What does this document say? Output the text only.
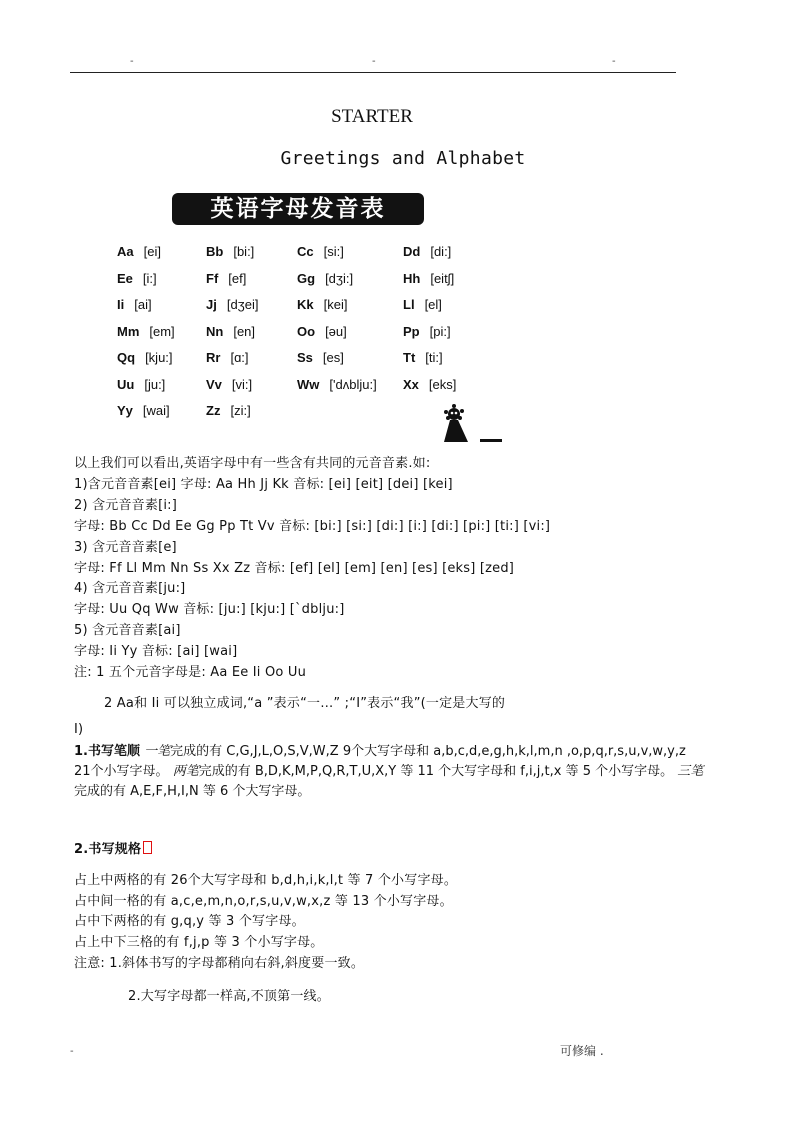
-	-	-
STARTER
Greetings and Alphabet
英语字母发音表
Aa [ei]	Bb [bi:]	Cc [si:]	Dd [di:]
Ee [i:]	Ff [ef]	Gg [dʒi:]	Hh [eitʃ]
Ii [ai]	Jj [dʒei]	Kk [kei]	Ll [el]
Mm [em] Nn [en]	Oo [əu]	Pp [pi:]
Qq [kju:]	Rr [ɑ:]	Ss [es]	Tt [ti:]
Uu [ju:]	Vv [vi:]	Ww ['dʌblju:] Xx [eks]
Yy [wai]	Zz [zi:]
以上我们可以看出,英语字母中有一些含有共同的元音音素.如:
1)含元音音素[ei] 字母: Aa Hh Jj Kk 音标: [ei] [eit] [dei] [kei]
2) 含元音音素[i:]
字母: Bb Cc Dd Ee Gg Pp Tt Vv 音标: [bi:] [si:] [di:] [i:] [di:] [pi:] [ti:] [vi:]
3) 含元音音素[e]
字母: Ff Ll Mm Nn Ss Xx Zz 音标: [ef] [el] [em] [en] [es] [eks] [zed]
4) 含元音音素[ju:]
字母: Uu Qq Ww 音标: [ju:] [kju:] [`dblju:]
5) 含元音音素[ai]
字母: Ii Yy 音标: [ai] [wai]
注: 1 五个元音字母是: Aa Ee Ii Oo Uu
2 Aa和 Ii 可以独立成词,“a ”表示“一…” ;“I”表示“我”(一定是大写的
I)
1.书写笔顺 一笔完成的有 C,G,J,L,O,S,V,W,Z 9个大写字母和 a,b,c,d,e,g,h,k,l,m,n ,o,p,q,r,s,u,v,w,y,z 21个小写字母。 两笔完成的有 B,D,K,M,P,Q,R,T,U,X,Y 等 11 个大写字母和 f,i,j,t,x 等 5 个小写字母。 三笔完成的有 A,E,F,H,I,N 等 6 个大写字母。
2.书写规格
占上中两格的有 26个大写字母和 b,d,h,i,k,l,t 等 7 个小写字母。
占中间一格的有 a,c,e,m,n,o,r,s,u,v,w,x,z 等 13 个小写字母。
占中下两格的有 g,q,y 等 3 个写字母。
占上中下三格的有 f,j,p 等 3 个小写字母。
注意: 1.斜体书写的字母都稍向右斜,斜度要一致。
2.大写字母都一样高,不顶第一线。
-	可修编 .
